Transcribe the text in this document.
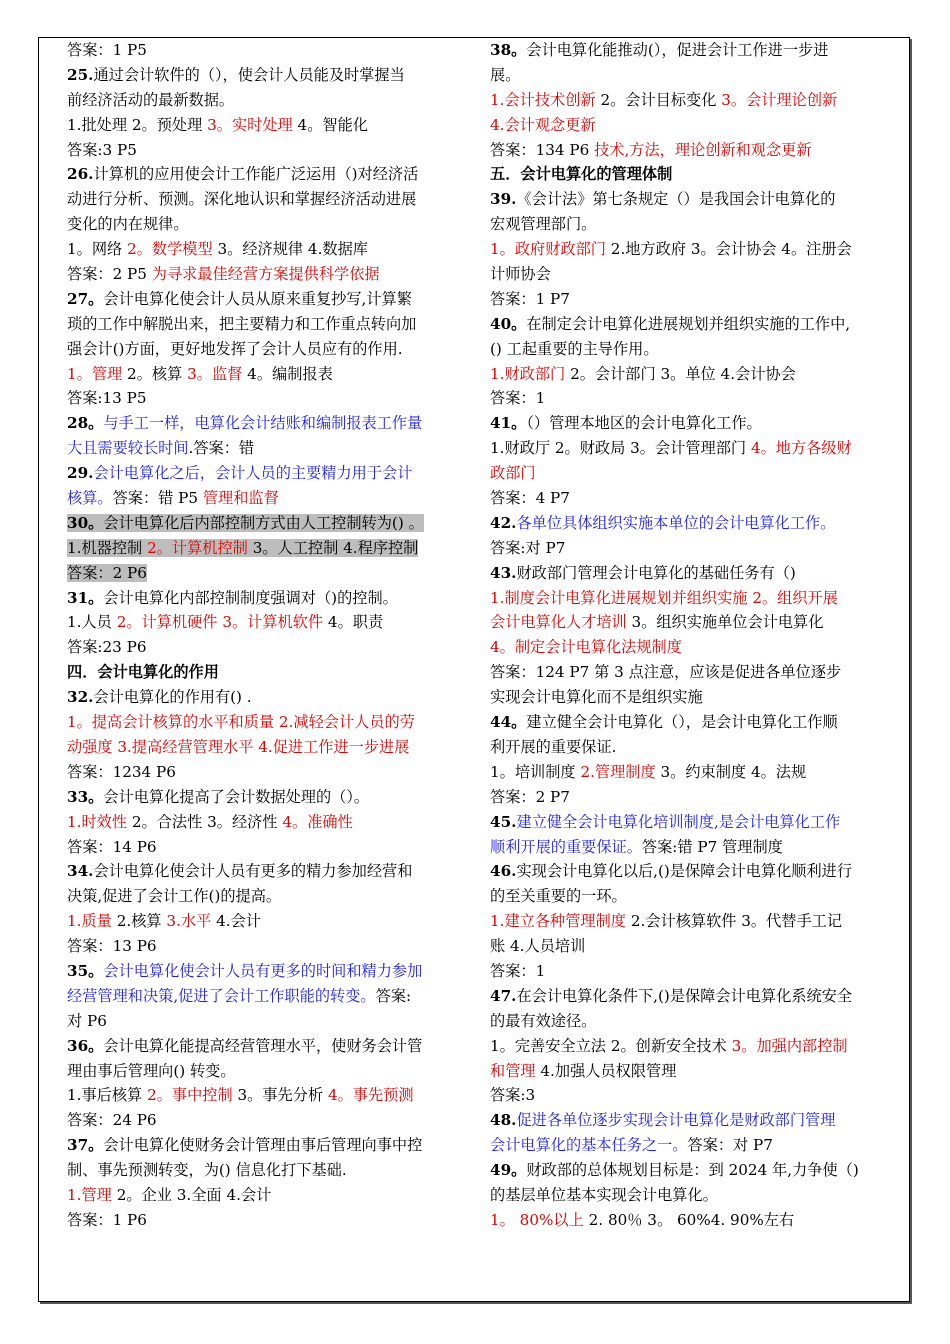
答案：1 P5
25.通过会计软件的（），使会计人员能及时掌握当
前经济活动的最新数据。
1.批处理 2。预处理 3。实时处理 4。智能化
答案:3 P5
26.计算机的应用使会计工作能广泛运用（)对经济活
动进行分析、预测。深化地认识和掌握经济活动进展
变化的内在规律。
1。网络 2。数学模型 3。经济规律 4.数据库
答案：2 P5 为寻求最佳经营方案提供科学依据
27。会计电算化使会计人员从原来重复抄写,计算繁
琐的工作中解脱出来，把主要精力和工作重点转向加
强会计()方面，更好地发挥了会计人员应有的作用.
1。管理 2。核算 3。监督 4。编制报表
答案:13 P5
28。与手工一样，电算化会计结账和编制报表工作量
大且需要较长时间.答案：错
29.会计电算化之后，会计人员的主要精力用于会计
核算。答案：错 P5 管理和监督
30。会计电算化后内部控制方式由人工控制转为() 。
1.机器控制 2。计算机控制 3。人工控制 4.程序控制
答案：2 P6
31。会计电算化内部控制制度强调对（)的控制。
1.人员 2。计算机硬件 3。计算机软件 4。职责
答案:23 P6
四．会计电算化的作用
32.会计电算化的作用有() .
1。提高会计核算的水平和质量 2.减轻会计人员的劳
动强度 3.提高经营管理水平 4.促进工作进一步进展
答案：1234 P6
33。会计电算化提高了会计数据处理的（）。
1.时效性 2。合法性 3。经济性 4。准确性
答案：14 P6
34.会计电算化使会计人员有更多的精力参加经营和
决策,促进了会计工作()的提高。
1.质量 2.核算 3.水平 4.会计
答案：13 P6
35。会计电算化使会计人员有更多的时间和精力参加
经营管理和决策,促进了会计工作职能的转变。答案:
对 P6
36。会计电算化能提高经营管理水平，使财务会计管
理由事后管理向() 转变。
1.事后核算 2。事中控制 3。事先分析 4。事先预测
答案：24 P6
37。会计电算化使财务会计管理由事后管理向事中控
制、事先预测转变，为() 信息化打下基础.
1.管理 2。企业 3.全面 4.会计
答案：1 P6
38。会计电算化能推动(），促进会计工作进一步进
展。
1.会计技术创新 2。会计目标变化 3。会计理论创新
4.会计观念更新
答案：134 P6 技术,方法，理论创新和观念更新
五．会计电算化的管理体制
39.《会计法》第七条规定（）是我国会计电算化的
宏观管理部门。
1。政府财政部门 2.地方政府 3。会计协会 4。注册会
计师协会
答案：1 P7
40。在制定会计电算化进展规划并组织实施的工作中,
() 工起重要的主导作用。
1.财政部门 2。会计部门 3。单位 4.会计协会
答案：1
41。（）管理本地区的会计电算化工作。
1.财政厅 2。财政局 3。会计管理部门 4。地方各级财
政部门
答案：4 P7
42.各单位具体组织实施本单位的会计电算化工作。
答案:对 P7
43.财政部门管理会计电算化的基础任务有（)
1.制度会计电算化进展规划并组织实施 2。组织开展
会计电算化人才培训 3。组织实施单位会计电算化
4。制定会计电算化法规制度
答案：124 P7 第 3 点注意，应该是促进各单位逐步
实现会计电算化而不是组织实施
44。建立健全会计电算化（），是会计电算化工作顺
利开展的重要保证.
1。培训制度 2.管理制度 3。约束制度 4。法规
答案：2 P7
45.建立健全会计电算化培训制度,是会计电算化工作
顺利开展的重要保证。答案:错 P7 管理制度
46.实现会计电算化以后,()是保障会计电算化顺利进行
的至关重要的一环。
1.建立各种管理制度 2.会计核算软件 3。代替手工记
账 4.人员培训
答案：1
47.在会计电算化条件下,()是保障会计电算化系统安全
的最有效途径。
1。完善安全立法 2。创新安全技术 3。加强内部控制
和管理 4.加强人员权限管理
答案:3
48.促进各单位逐步实现会计电算化是财政部门管理
会计电算化的基本任务之一。答案：对 P7
49。财政部的总体规划目标是：到 2024 年,力争使（)
的基层单位基本实现会计电算化。
1。 80%以上 2. 80％ 3。 60%4. 90%左右
